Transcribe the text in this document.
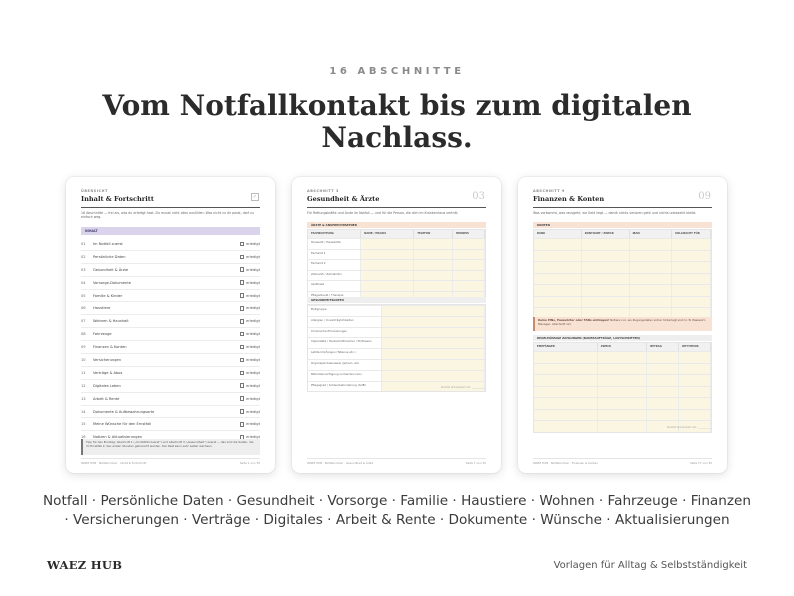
16 ABSCHNITTE
Vom Notfallkontakt bis zum digitalen
Nachlass.
ÜBERSICHT
Inhalt & Fortschritt	✓
16 Abschnitte — frei als, was du erledigt hast. Du musst nicht alles ausfüllen: Was nicht zu dir passt, darf zu einfach weg.
INHALT
01	Im Notfall zuerst	erledigt
02	Persönliche Daten	erledigt
03	Gesundheit & Ärzte	erledigt
04	Vorsorge-Dokumente	erledigt
05	Familie & Kinder	erledigt
06	Haustiere	erledigt
07	Wohnen & Haushalt	erledigt
08	Fahrzeuge	erledigt
09	Finanzen & Konten	erledigt
10	Versicherungen	erledigt
11	Verträge & Abos	erledigt
12	Digitales Leben	erledigt
13	Arbeit & Rente	erledigt
14	Dokumente & Aufbewahrungsorte	erledigt
15	Meine Wünsche für den Ernstfall	erledigt
16	Notizen & Aktualisierungen	erledigt
Tipp für den Einstieg: Abschnitt 1 („Im Notfall zuerst“) und Abschnitt 3 („Gesundheit“) zuerst — das sind die Seiten, die im Ernstfall in den ersten Stunden gebraucht werden. Der Rest kann sehr weiter wachsen.
WAEZ HUB · Notfallordner · Inhalt & Fortschritt	Seite 1 von 30
ABSCHNITT 3
Gesundheit & Ärzte	03
Für Rettungskräfte und Ärzte im Notfall — und für die Person, die dich im Krankenhaus vertritt.
ÄRZTE & ANSPRECHPARTNER
FACHRICHTUNG	NAME / PRAXIS	TELEFON	HINWEIS
Hausarzt / Hausärztin
Facharzt 1
Facharzt 2
Zahnarzt / Zahnärztin
Apotheke
Pflegedienst / Therapie
GESUNDHEITSDATEN
Blutgruppe
Allergien / Unverträglichkeiten
Chronische Erkrankungen
Implantate / Herzschrittmacher / Prothesen
Letzte Impfungen (Tetanus etc.)
Organspendeausweis (ja/nein, wo)
Patientenverfügung vorhanden (wo)
Pflegegrad / Schwerbehinderung (GdB)
Zuletzt aktualisiert am: __________
WAEZ HUB · Notfallordner · Gesundheit & Ärzte	Seite 7 von 30
ABSCHNITT 9
Finanzen & Konten	09
Was vorkommt, was rausgeht, wo Geld liegt — damit nichts verloren geht und nichts unbezahlt bleibt.
KONTEN
BANK	KONTOART / ZWECK	IBAN	VOLLMACHT FÜR
Keine PINs, Passwörter oder TANs eintragen! Notiere nur, wo Zugangsdaten sicher hinterlegt sind (z. B. Passwort-Manager, Abschnitt 12).
REGELMÄSSIGE ZAHLUNGEN (DAUERAUFTRÄGE, LASTSCHRIFTEN)
EMPFÄNGER	ZWECK	BETRAG	RHYTHMUS
Zuletzt aktualisiert am: __________
WAEZ HUB · Notfallordner · Finanzen & Konten	Seite 17 von 30
Notfall · Persönliche Daten · Gesundheit · Vorsorge · Familie · Haustiere · Wohnen · Fahrzeuge · Finanzen
· Versicherungen · Verträge · Digitales · Arbeit & Rente · Dokumente · Wünsche · Aktualisierungen
WAEZ HUB	Vorlagen für Alltag & Selbstständigkeit
